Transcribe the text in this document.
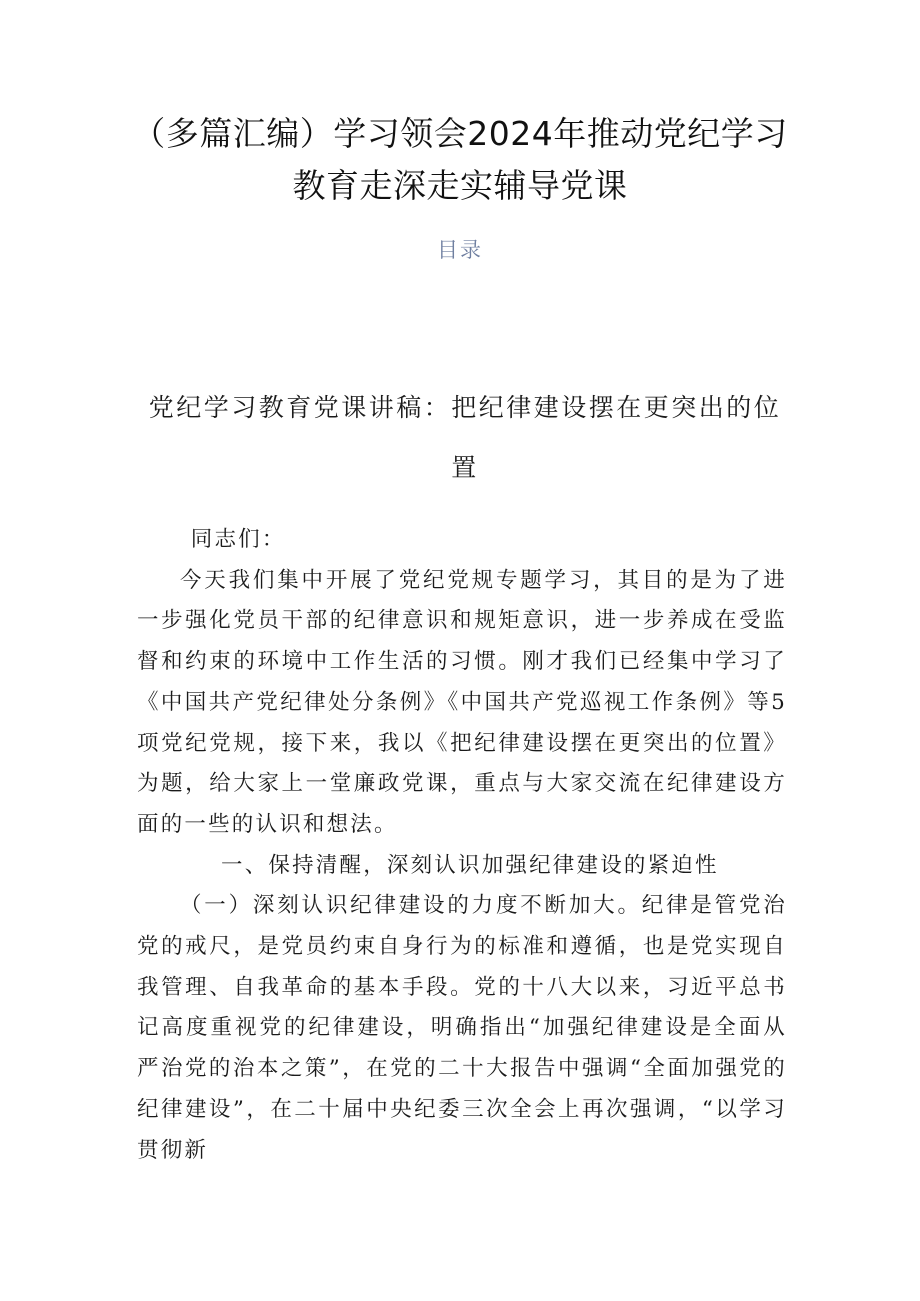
（多篇汇编）学习领会2024年推动党纪学习教育走深走实辅导党课
目录
党纪学习教育党课讲稿：把纪律建设摆在更突出的位置

同志们：

今天我们集中开展了党纪党规专题学习，其目的是为了进一步强化党员干部的纪律意识和规矩意识，进一步养成在受监督和约束的环境中工作生活的习惯。刚才我们已经集中学习了《中国共产党纪律处分条例》《中国共产党巡视工作条例》等5项党纪党规，接下来，我以《把纪律建设摆在更突出的位置》为题，给大家上一堂廉政党课，重点与大家交流在纪律建设方面的一些的认识和想法。

一、保持清醒，深刻认识加强纪律建设的紧迫性

（一）深刻认识纪律建设的力度不断加大。纪律是管党治党的戒尺，是党员约束自身行为的标准和遵循，也是党实现自我管理、自我革命的基本手段。党的十八大以来，习近平总书记高度重视党的纪律建设，明确指出“加强纪律建设是全面从严治党的治本之策”，在党的二十大报告中强调“全面加强党的纪律建设”，在二十届中央纪委三次全会上再次强调，“以学习贯彻新
